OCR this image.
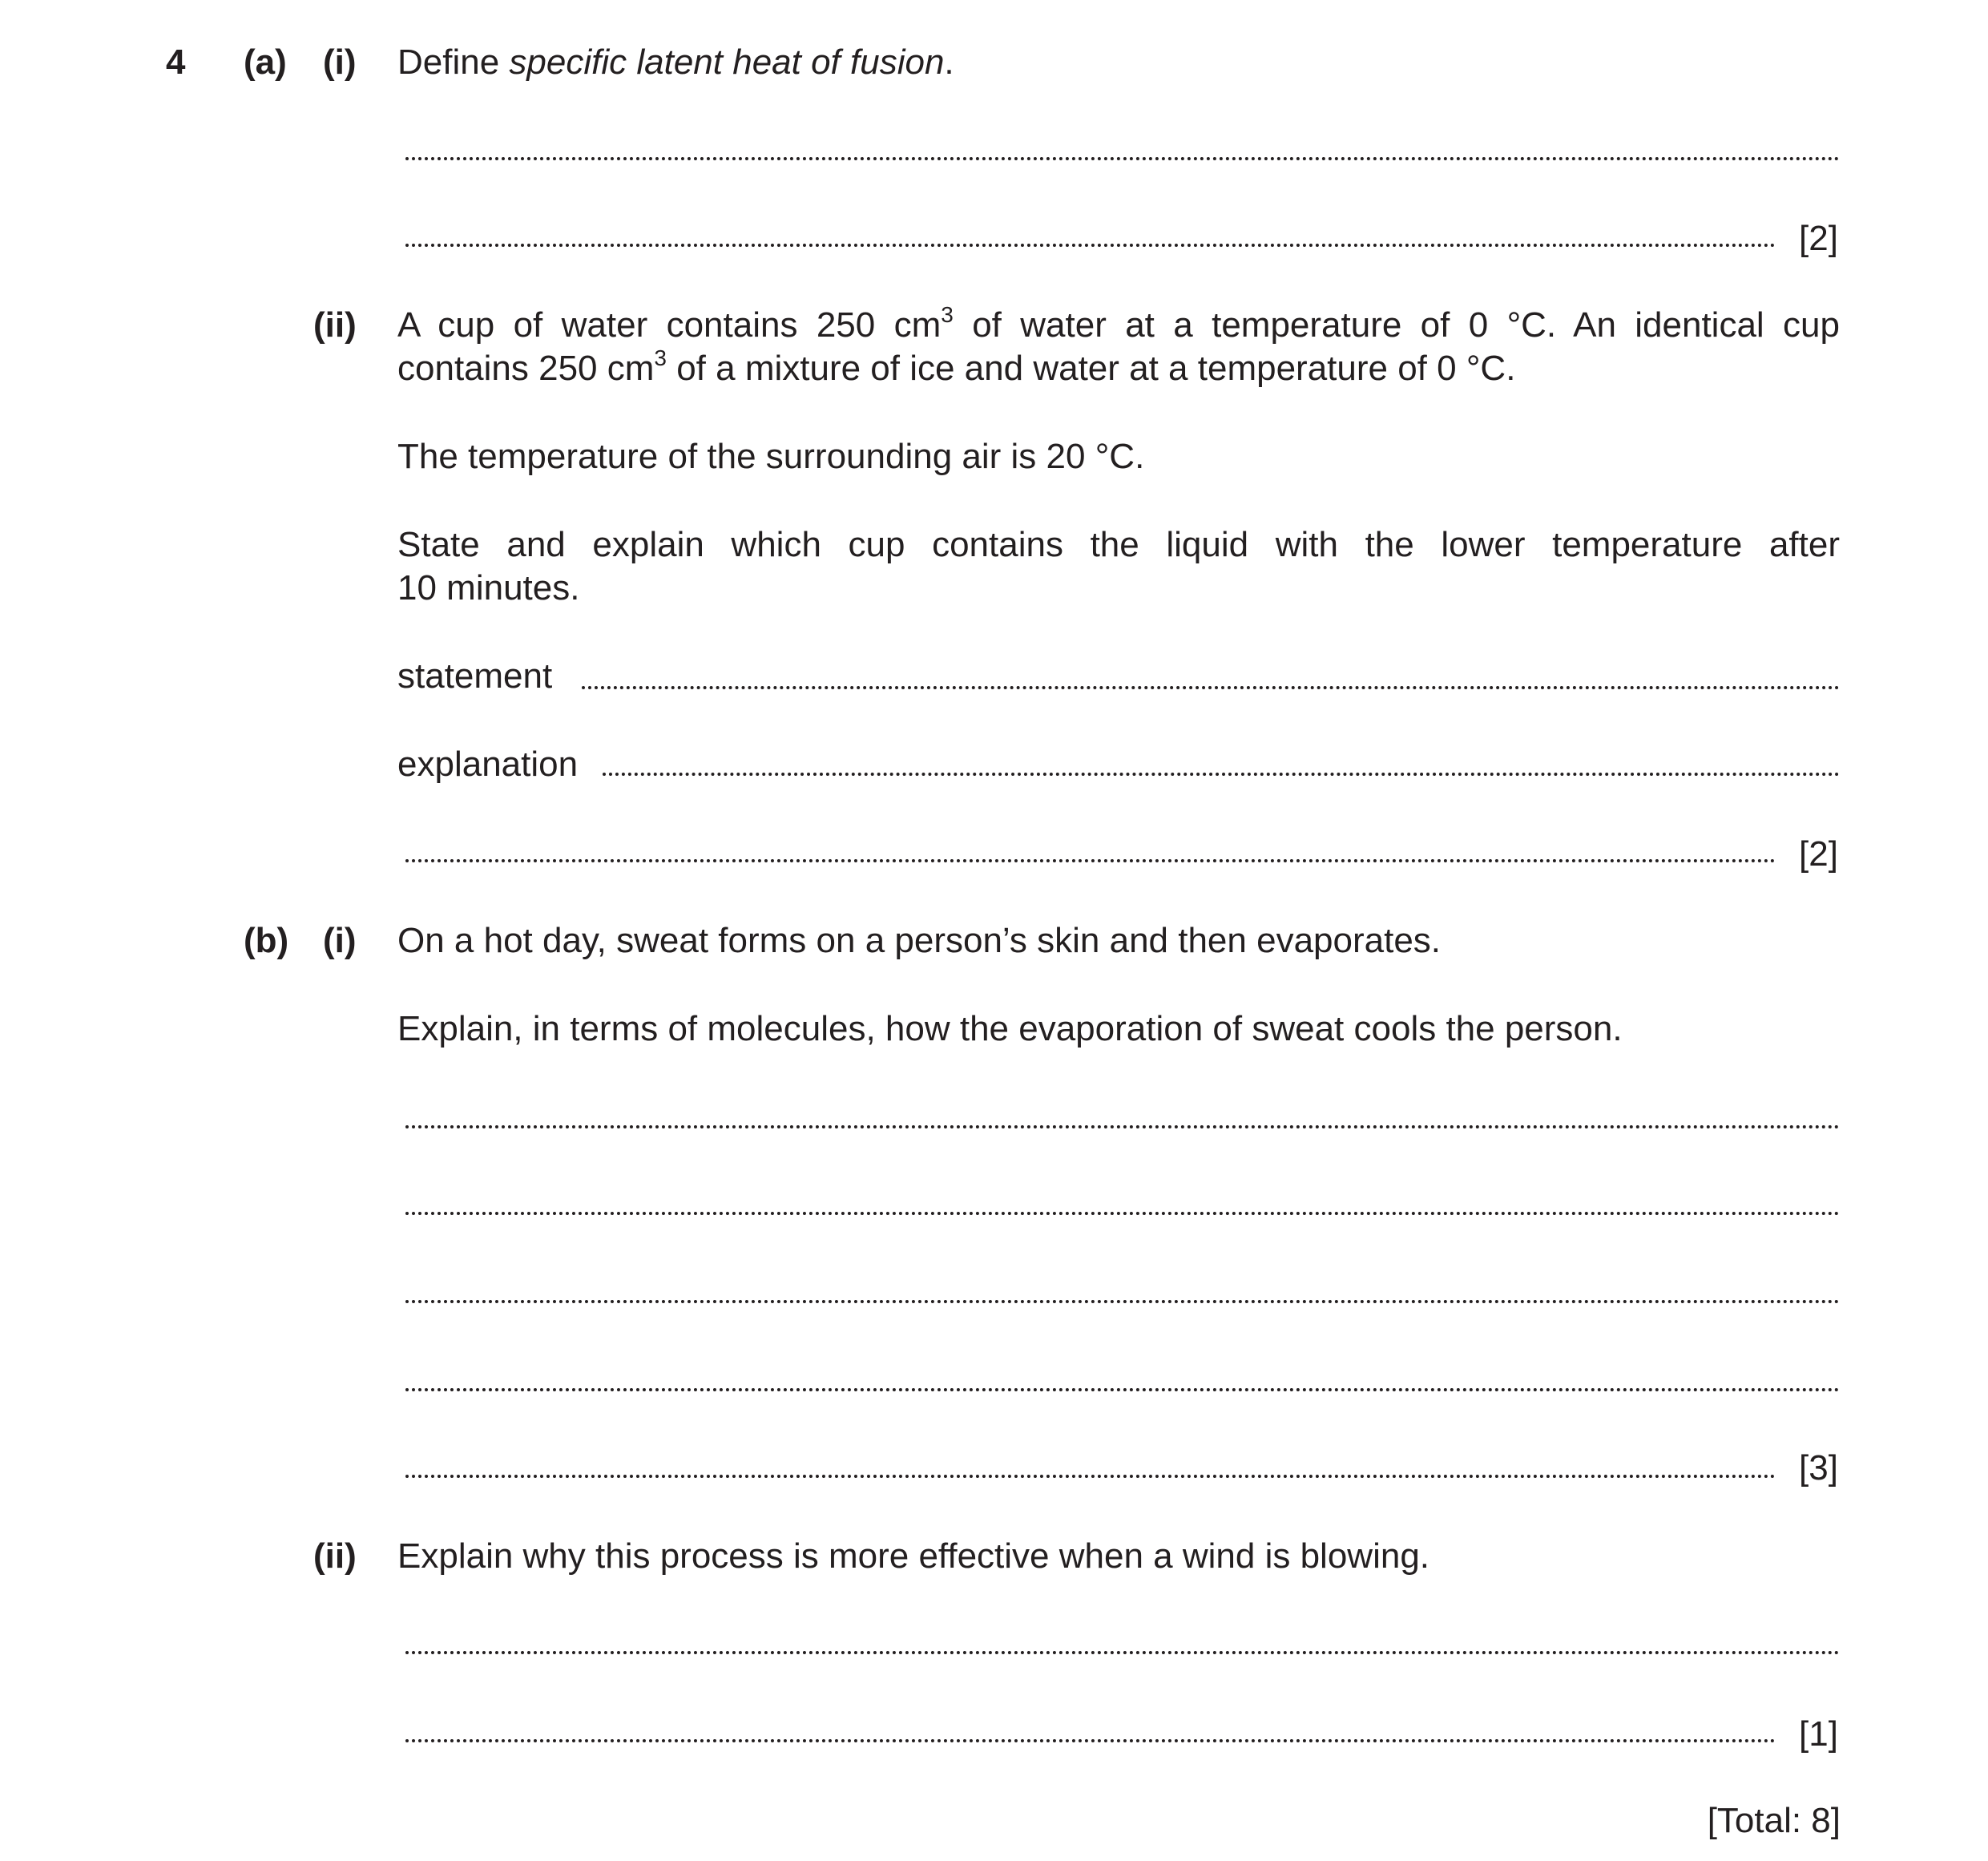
4 (a) (i) Define specific latent heat of fusion.
[2]
(ii) A cup of water contains 250 $cm^3$ of water at a temperature of 0 °C. An identical cup
contains 250 $cm^3$ of a mixture of ice and water at a temperature of 0 °C.
The temperature of the surrounding air is 20 °C.
State and explain which cup contains the liquid with the lower temperature after
10 minutes.
statement
explanation
[2]
(b) (i) On a hot day, sweat forms on a person’s skin and then evaporates.
Explain, in terms of molecules, how the evaporation of sweat cools the person.
[3]
(ii) Explain why this process is more effective when a wind is blowing.
[1]
[Total: 8]
